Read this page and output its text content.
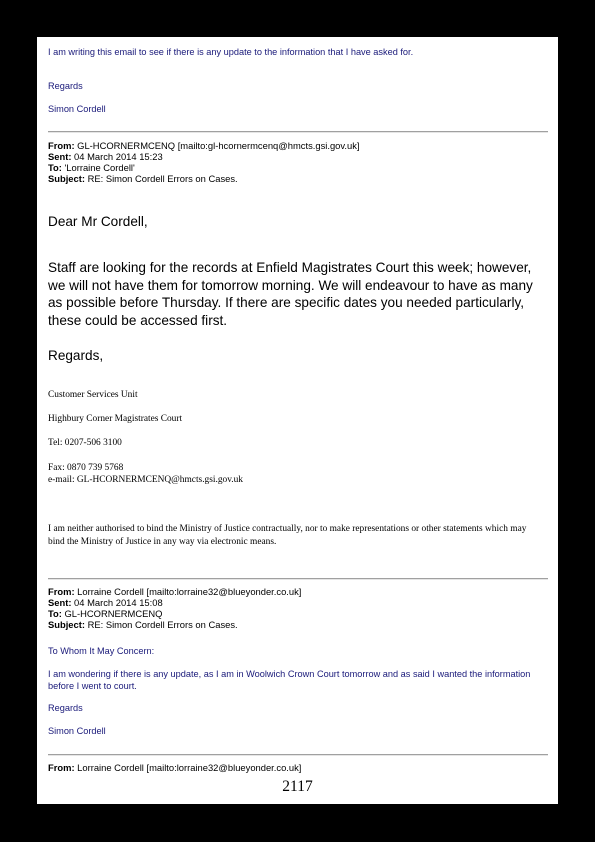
I am writing this email to see if there is any update to the information that I have asked for.
Regards
Simon Cordell
From: GL-HCORNERMCENQ [mailto:gl-hcornermcenq@hmcts.gsi.gov.uk]
Sent: 04 March 2014 15:23
To: 'Lorraine Cordell'
Subject: RE: Simon Cordell Errors on Cases.
Dear Mr Cordell,
Staff are looking for the records at Enfield Magistrates Court this week; however, we will not have them for tomorrow morning. We will endeavour to have as many as possible before Thursday. If there are specific dates you needed particularly, these could be accessed first.
Regards,
Customer Services Unit
Highbury Corner Magistrates Court
Tel: 0207-506 3100
Fax: 0870 739 5768
e-mail: GL-HCORNERMCENQ@hmcts.gsi.gov.uk
I am neither authorised to bind the Ministry of Justice contractually, nor to make representations or other statements which may bind the Ministry of Justice in any way via electronic means.
From: Lorraine Cordell [mailto:lorraine32@blueyonder.co.uk]
Sent: 04 March 2014 15:08
To: GL-HCORNERMCENQ
Subject: RE: Simon Cordell Errors on Cases.
To Whom It May Concern:
I am wondering if there is any update, as I am in Woolwich Crown Court tomorrow and as said I wanted the information before I went to court.
Regards
Simon Cordell
From: Lorraine Cordell [mailto:lorraine32@blueyonder.co.uk]
2117
